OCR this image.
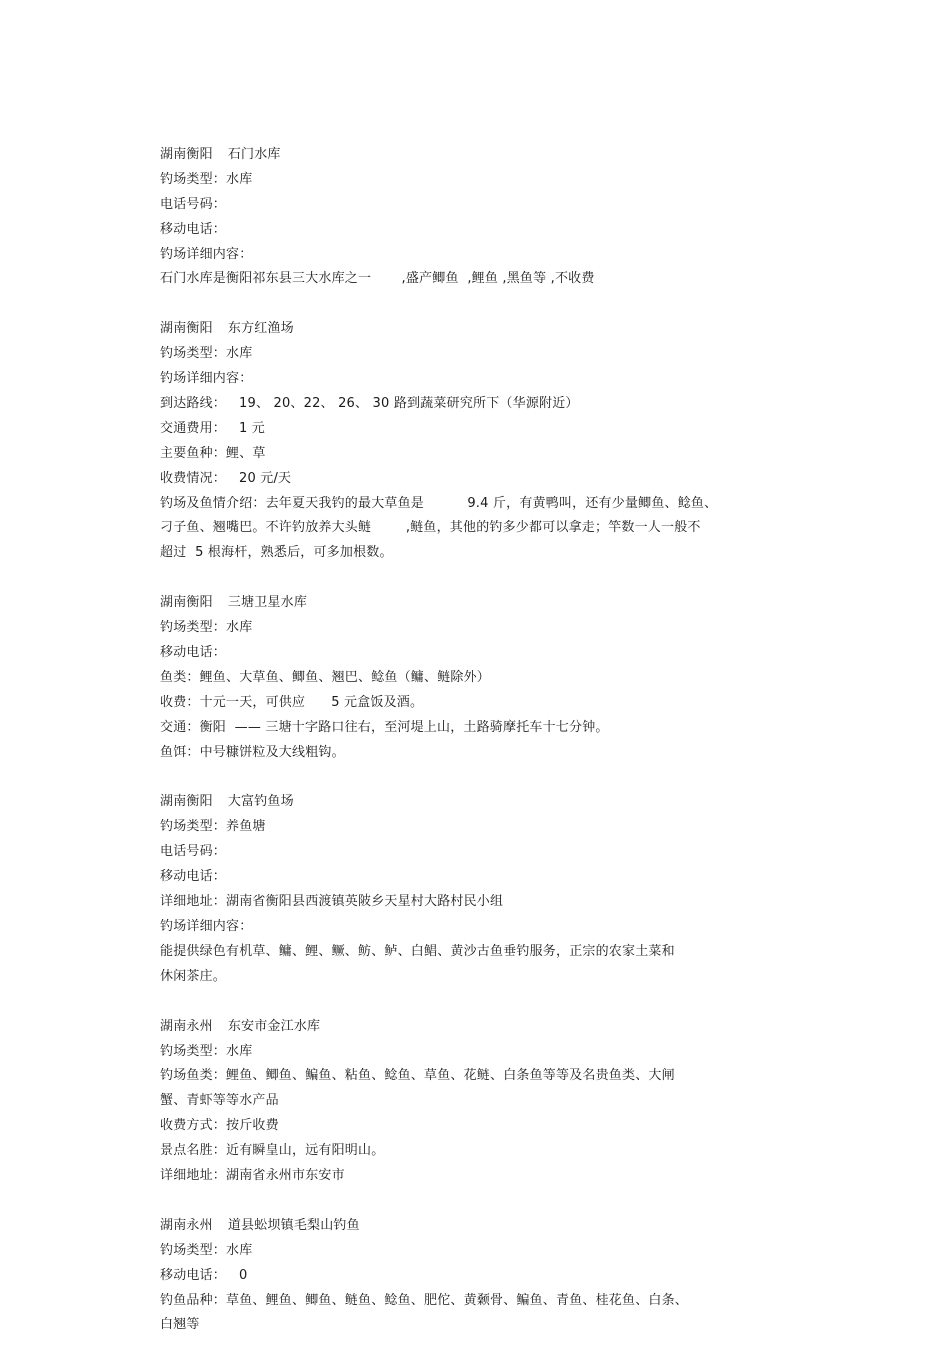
湖南衡阳 石门水库
钓场类型：水库
电话号码：
移动电话：
钓场详细内容：
石门水库是衡阳祁东县三大水库之一       ,盛产鲫鱼  ,鲤鱼 ,黑鱼等 ,不收费
湖南衡阳 东方红渔场
钓场类型：水库
钓场详细内容：
到达路线：   19、 20、22、 26、 30 路到蔬菜研究所下（华源附近）
交通费用：   1 元
主要鱼种：鲤、草
收费情况：   20 元/天
钓场及鱼情介绍：去年夏天我钓的最大草鱼是          9.4 斤，有黄鸭叫，还有少量鲫鱼、鲶鱼、
刁子鱼、翘嘴巴。不许钓放养大头鲢        ,鲢鱼，其他的钓多少都可以拿走；竿数一人一般不
超过  5 根海杆，熟悉后，可多加根数。
湖南衡阳 三塘卫星水库
钓场类型：水库
移动电话：
鱼类：鲤鱼、大草鱼、鲫鱼、翘巴、鲶鱼（鳙、鲢除外）
收费：十元一天，可供应      5 元盒饭及酒。
交通：衡阳  —— 三塘十字路口往右，至河堤上山，土路骑摩托车十七分钟。
鱼饵：中号糠饼粒及大线粗钩。
湖南衡阳 大富钓鱼场
钓场类型：养鱼塘
电话号码：
移动电话：
详细地址：湖南省衡阳县西渡镇英陂乡天星村大路村民小组
钓场详细内容：
能提供绿色有机草、鳙、鲤、鳜、鲂、鲈、白鲳、黄沙古鱼垂钓服务，正宗的农家土菜和
休闲茶庄。
湖南永州 东安市金江水库
钓场类型：水库
钓场鱼类：鲤鱼、鲫鱼、鳊鱼、粘鱼、鲶鱼、草鱼、花鲢、白条鱼等等及名贵鱼类、大闸
蟹、青虾等等水产品
收费方式：按斤收费
景点名胜：近有瞬皇山，远有阳明山。
详细地址：湖南省永州市东安市
湖南永州 道县蚣坝镇毛梨山钓鱼
钓场类型：水库
移动电话：   0
钓鱼品种：草鱼、鲤鱼、鲫鱼、鲢鱼、鲶鱼、肥佗、黄颡骨、鳊鱼、青鱼、桂花鱼、白条、
白翘等
